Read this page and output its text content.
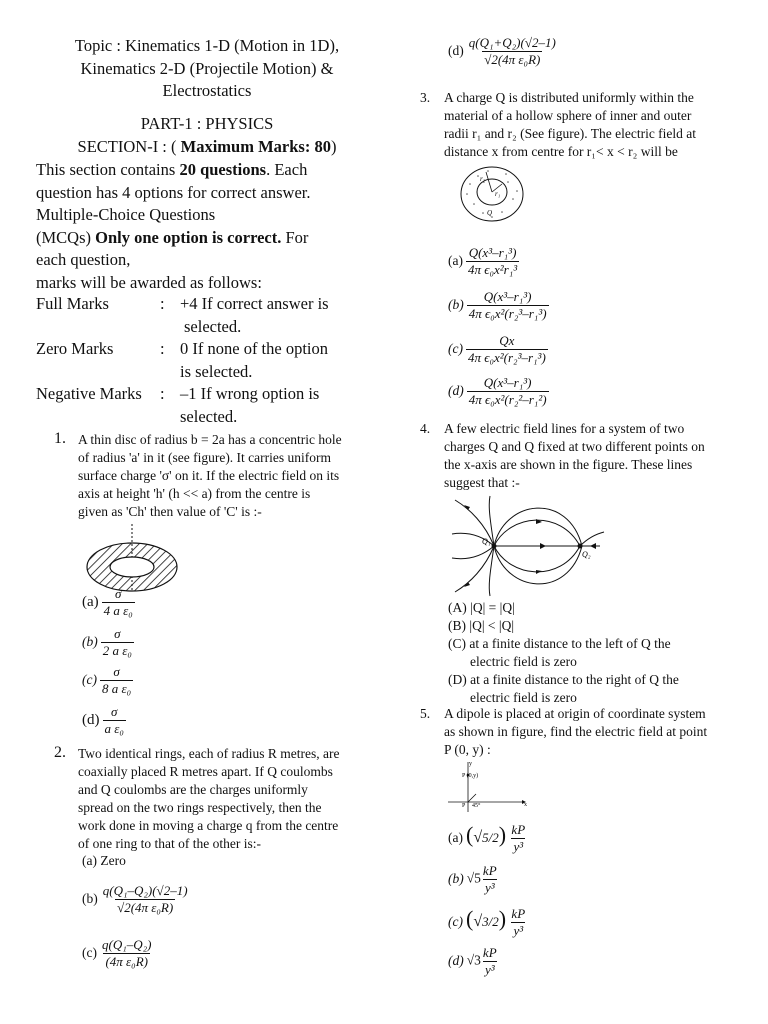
Topic : Kinematics 1-D (Motion in 1D),
Kinematics 2-D (Projectile Motion) &
Electrostatics
PART-1 : PHYSICS
SECTION-I : ( Maximum Marks: 80)
This section contains 20 questions. Each
question has 4 options for correct answer.
Multiple-Choice Questions
(MCQs) Only one option is correct. For
each question,
marks will be awarded as follows:
Full Marks	: +4 If correct answer is
selected.
Zero Marks	: 0 If none of the option
is selected.
Negative Marks : –1 If wrong option is
selected.
1. A thin disc of radius b = 2a has a concentric hole
of radius 'a' in it (see figure). It carries uniform
surface charge 'σ' on it. If the electric field on its
axis at height 'h' (h << a) from the centre is
given as 'Ch' then value of 'C' is :-
$(a) \frac{\sigma}{\text{4 a ε₀}}$
$(b) \frac{\sigma}{\text{2 a ε₀}}$
$(c) \frac{\sigma}{\text{8 a ε₀}}$
$(d) \frac{\sigma}{\text{a ε₀}}$
2. Two identical rings, each of radius R metres, are
coaxially placed R metres apart. If Q coulombs
and Q coulombs are the charges uniformly
spread on the two rings respectively, then the
work done in moving a charge q from the centre
of one ring to that of the other is:-
(a) Zero
$(b) \frac{\text{q(Q₁–Q₂)(√2–1)}}{\text{√2(4π ε₀R)}}$
$(c) \frac{\text{q(Q₁–Q₂)}}{\text{(4π ε₀R)}}$
$(d) \frac{\text{q(Q₁+Q₂)(√2–1)}}{\text{√2(4π ε₀R)}}$
3. A charge Q is distributed uniformly within the
material of a hollow sphere of inner and outer
radii r₁ and r₂ (See figure). The electric field at
distance x from centre for r₁< x < r₂ will be
r₂
r₁
Q
$(a) \frac{\text{Q(x³–r₁³)}}{\text{4π ϵ₀x²r₁³}}$
$(b) \frac{\text{Q(x³–r₁³)}}{\text{4π ϵ₀x²(r₂³–r₁³)}}$
$(c) \frac{Qx}{\text{4π ϵ₀x²(r₂³–r₁³)}}$
$(d) \frac{\text{Q(x³–r₁³)}}{\text{4π ϵ₀x²(r₂²–r₁²)}}$
4. A few electric field lines for a system of two
charges Q and Q fixed at two different points on
the x-axis are shown in the figure. These lines
suggest that :-
Q₁
Q₂
(A) |Q| = |Q|
(B) |Q| < |Q|
(C) at a finite distance to the left of Q the
electric field is zero
(D) at a finite distance to the right of Q the
electric field is zero
5. A dipole is placed at origin of coordinate system
as shown in figure, find the electric field at point
P (0, y) :
y
P (0,y)
P 45°	x
(a) $(√5/2) \frac{kP}{\text{y³}}$
(b) $√5 \frac{kP}{\text{y³}}$
(c) $(√3/2) \frac{kP}{\text{y³}}$
(d) $√3 \frac{kP}{\text{y³}}$
